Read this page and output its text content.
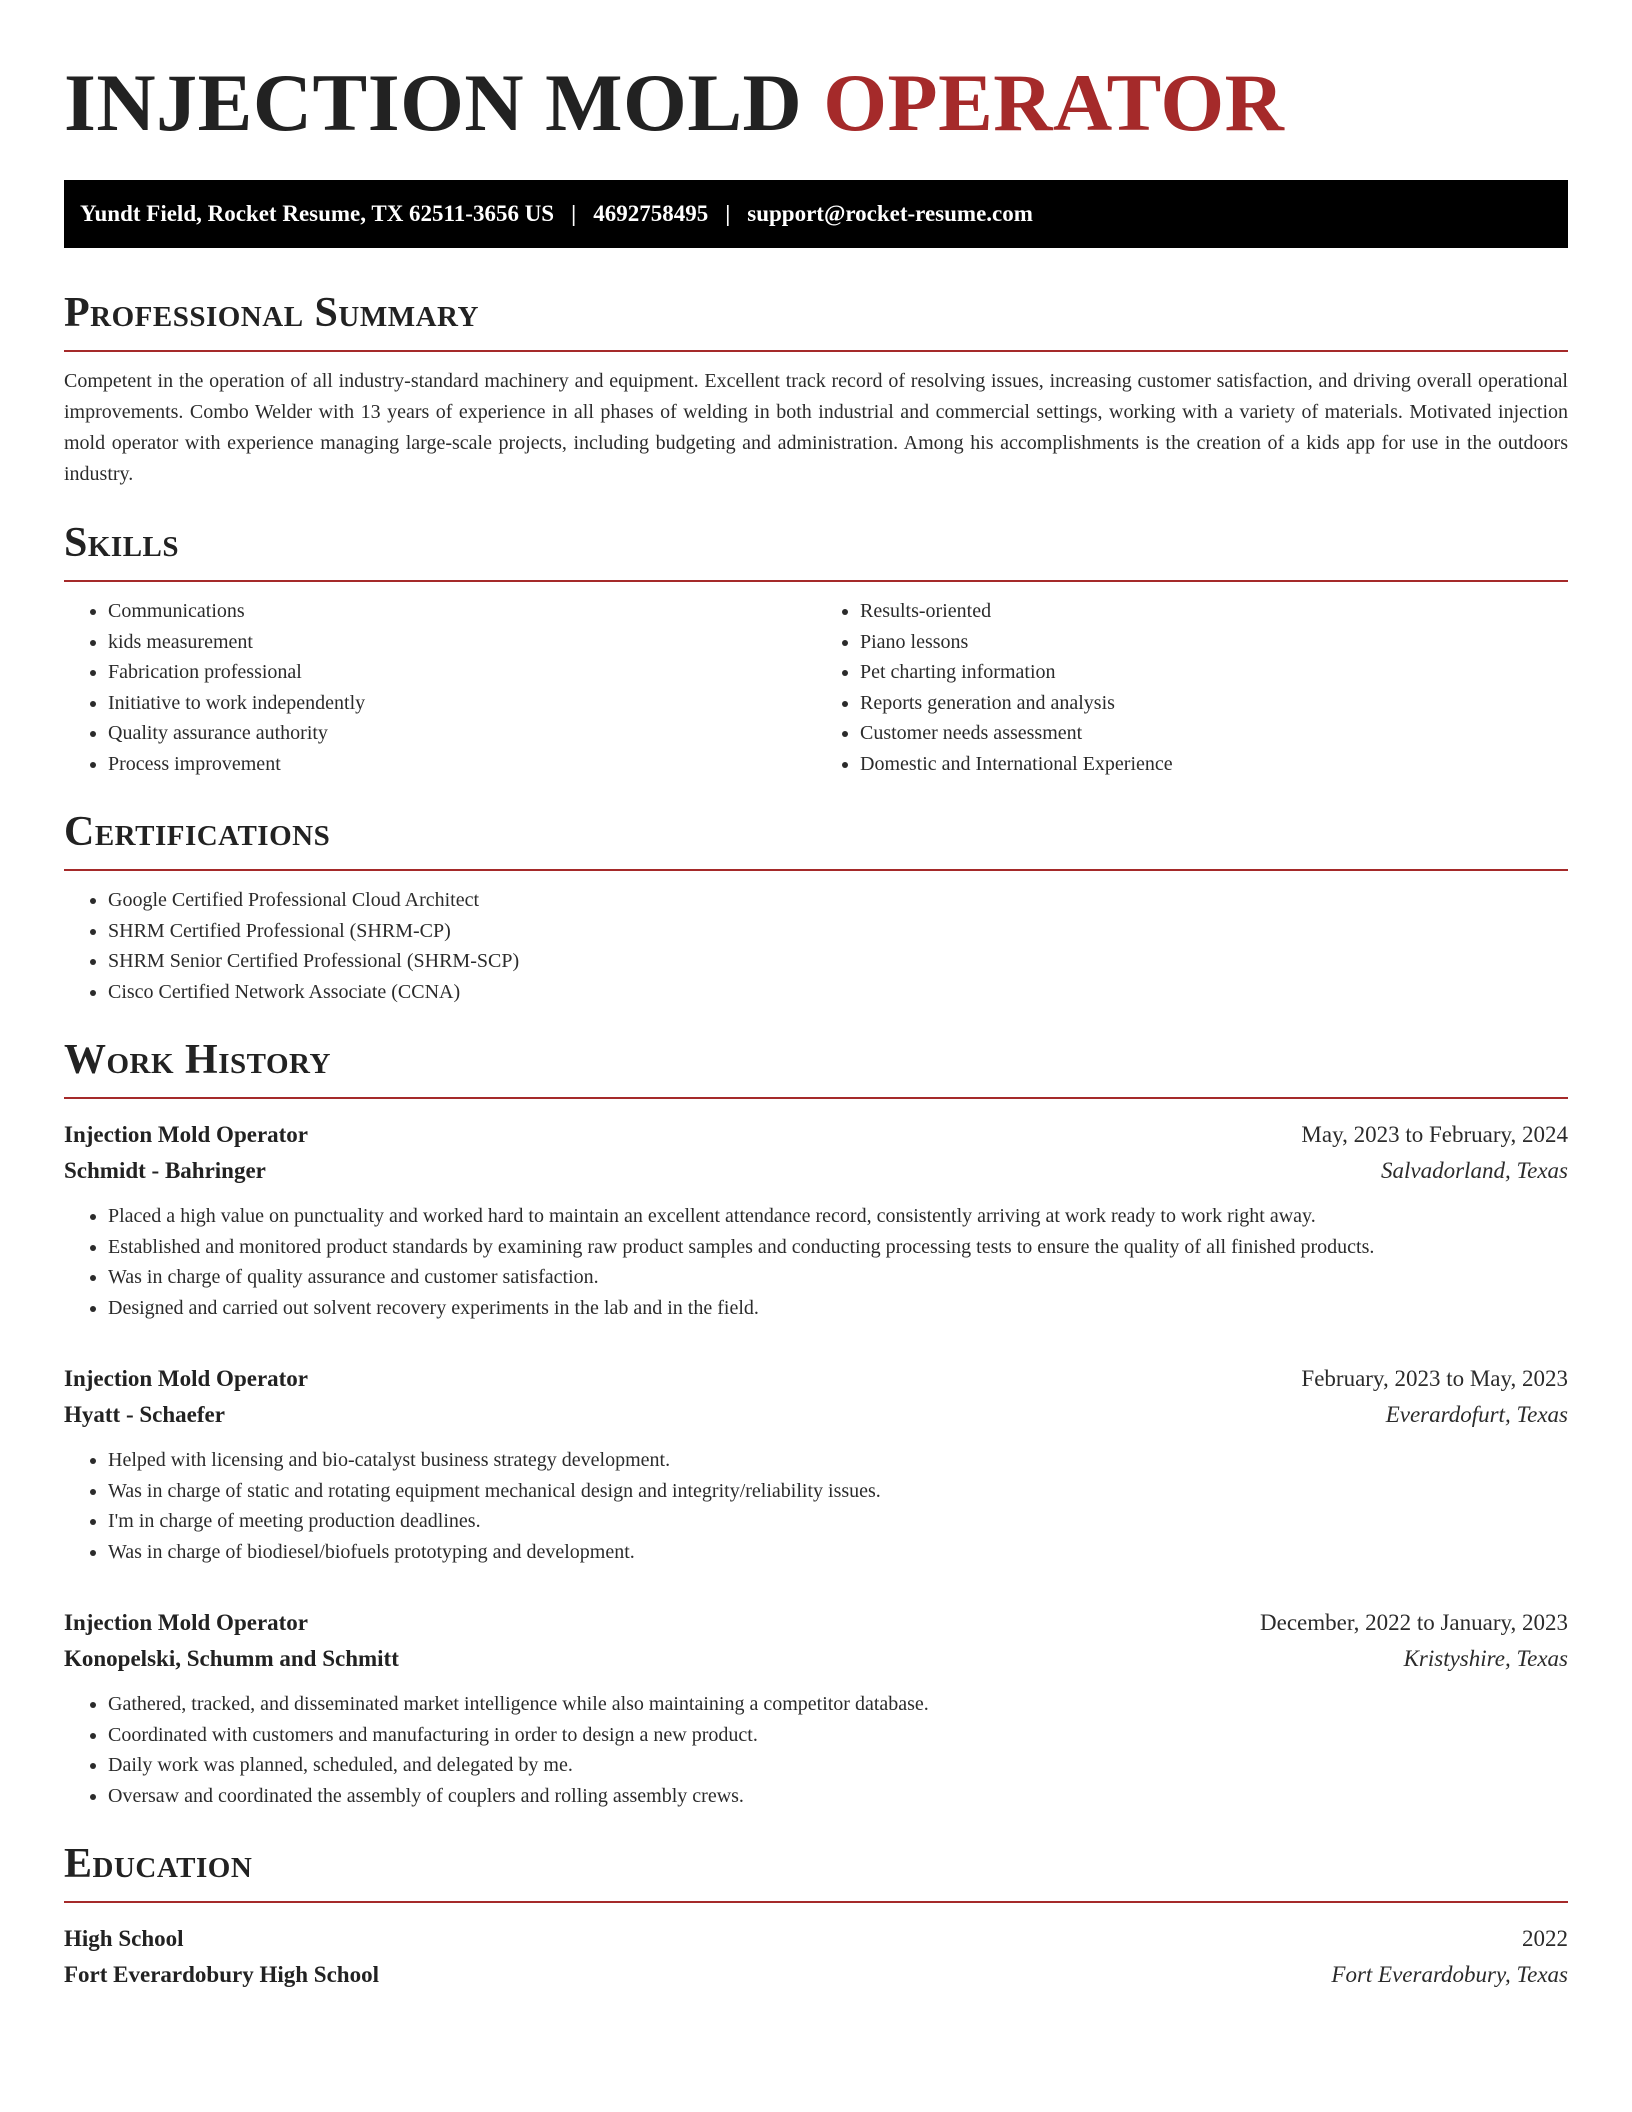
INJECTION MOLD OPERATOR
Yundt Field, Rocket Resume, TX 62511-3656 US | 4692758495 | support@rocket-resume.com
Professional Summary

Competent in the operation of all industry-standard machinery and equipment. Excellent track record of resolving issues, increasing customer satisfaction, and driving overall operational improvements. Combo Welder with 13 years of experience in all phases of welding in both industrial and commercial settings, working with a variety of materials. Motivated injection mold operator with experience managing large-scale projects, including budgeting and administration. Among his accomplishments is the creation of a kids app for use in the outdoors industry.

Skills
• Communications
• kids measurement
• Fabrication professional
• Initiative to work independently
• Quality assurance authority
• Process improvement
• Results-oriented
• Piano lessons
• Pet charting information
• Reports generation and analysis
• Customer needs assessment
• Domestic and International Experience
Certifications
• Google Certified Professional Cloud Architect
• SHRM Certified Professional (SHRM-CP)
• SHRM Senior Certified Professional (SHRM-SCP)
• Cisco Certified Network Associate (CCNA)
Work History
Injection Mold Operator	May, 2023 to February, 2024
Schmidt - Bahringer	Salvadorland, Texas
• Placed a high value on punctuality and worked hard to maintain an excellent attendance record, consistently arriving at work ready to work right away.
• Established and monitored product standards by examining raw product samples and conducting processing tests to ensure the quality of all finished products.
• Was in charge of quality assurance and customer satisfaction.
• Designed and carried out solvent recovery experiments in the lab and in the field.
Injection Mold Operator	February, 2023 to May, 2023
Hyatt - Schaefer	Everardofurt, Texas
• Helped with licensing and bio-catalyst business strategy development.
• Was in charge of static and rotating equipment mechanical design and integrity/reliability issues.
• I'm in charge of meeting production deadlines.
• Was in charge of biodiesel/biofuels prototyping and development.
Injection Mold Operator	December, 2022 to January, 2023
Konopelski, Schumm and Schmitt	Kristyshire, Texas
• Gathered, tracked, and disseminated market intelligence while also maintaining a competitor database.
• Coordinated with customers and manufacturing in order to design a new product.
• Daily work was planned, scheduled, and delegated by me.
• Oversaw and coordinated the assembly of couplers and rolling assembly crews.
Education
High School	2022
Fort Everardobury High School	Fort Everardobury, Texas
